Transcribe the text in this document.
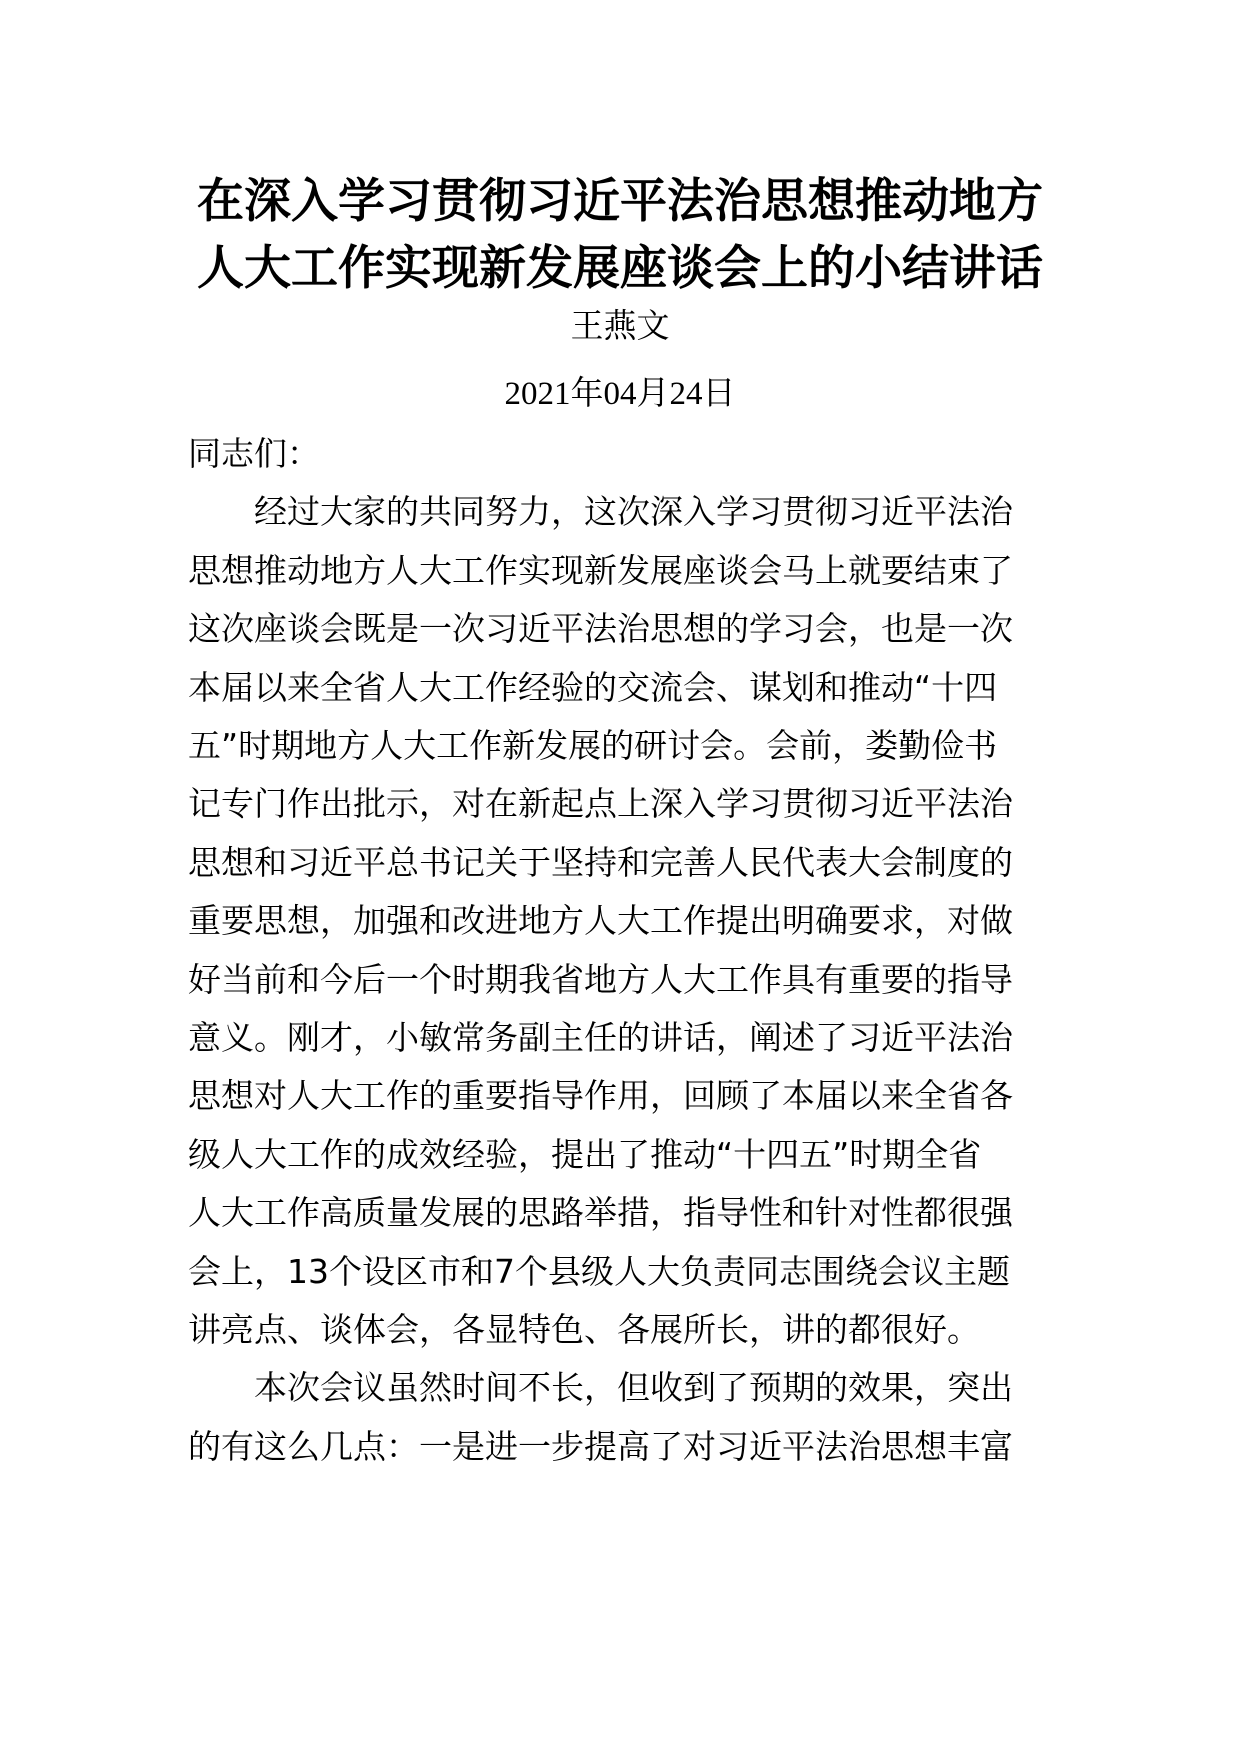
在深入学习贯彻习近平法治思想推动地方
人大工作实现新发展座谈会上的小结讲话
王燕文
2021年04月24日
同志们：
经过大家的共同努力，这次深入学习贯彻习近平法治
思想推动地方人大工作实现新发展座谈会马上就要结束了
这次座谈会既是一次习近平法治思想的学习会，也是一次
本届以来全省人大工作经验的交流会、谋划和推动“十四
五”时期地方人大工作新发展的研讨会。会前，娄勤俭书
记专门作出批示，对在新起点上深入学习贯彻习近平法治
思想和习近平总书记关于坚持和完善人民代表大会制度的
重要思想，加强和改进地方人大工作提出明确要求，对做
好当前和今后一个时期我省地方人大工作具有重要的指导
意义。刚才，小敏常务副主任的讲话，阐述了习近平法治
思想对人大工作的重要指导作用，回顾了本届以来全省各
级人大工作的成效经验，提出了推动“十四五”时期全省
人大工作高质量发展的思路举措，指导性和针对性都很强
会上，13个设区市和7个县级人大负责同志围绕会议主题
讲亮点、谈体会，各显特色、各展所长，讲的都很好。
本次会议虽然时间不长，但收到了预期的效果，突出
的有这么几点：一是进一步提高了对习近平法治思想丰富
